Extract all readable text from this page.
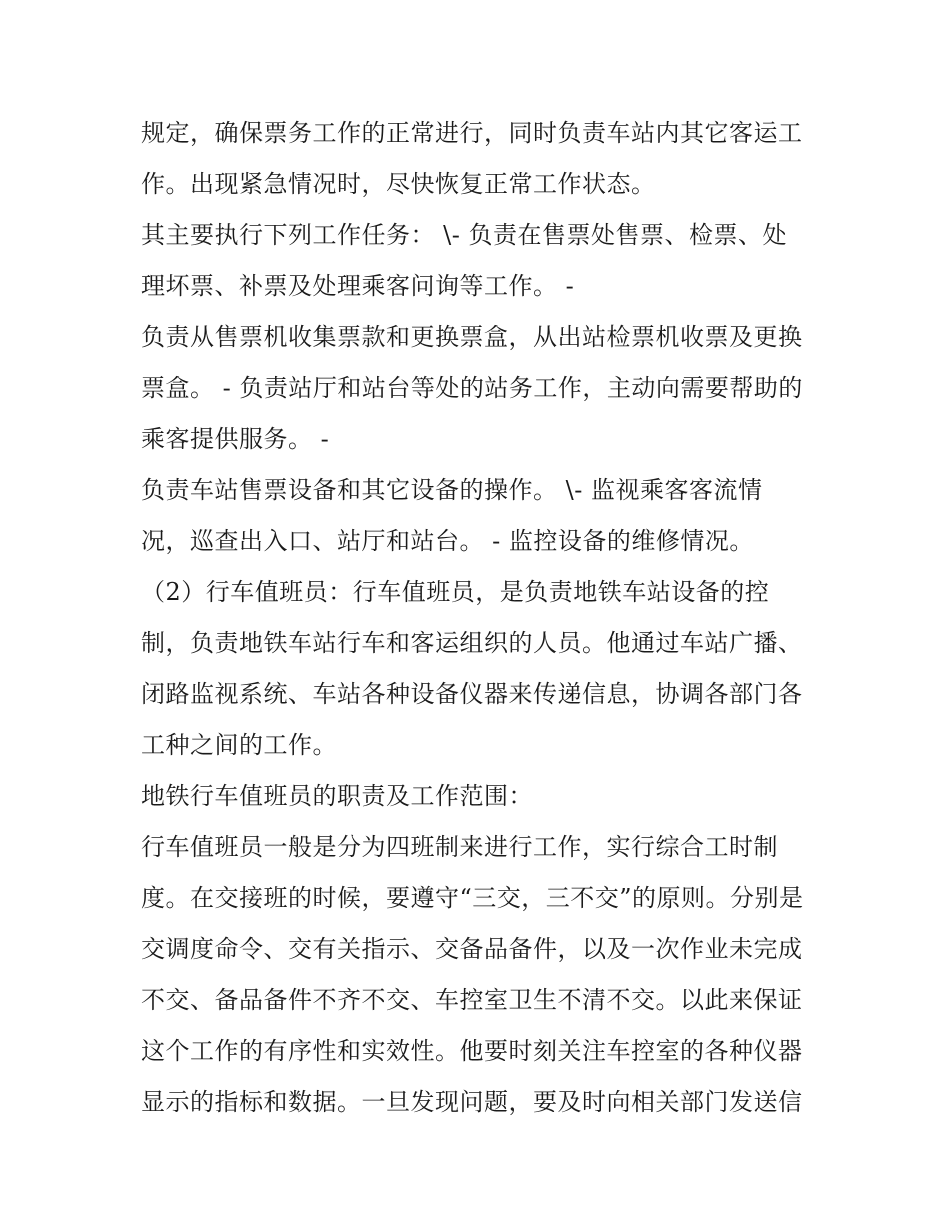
规定，确保票务工作的正常进行，同时负责车站内其它客运工
作。出现紧急情况时，尽快恢复正常工作状态。
其主要执行下列工作任务： \- 负责在售票处售票、检票、处
理坏票、补票及处理乘客问询等工作。 -
负责从售票机收集票款和更换票盒，从出站检票机收票及更换
票盒。 - 负责站厅和站台等处的站务工作，主动向需要帮助的
乘客提供服务。 -
负责车站售票设备和其它设备的操作。 \- 监视乘客客流情
况，巡查出入口、站厅和站台。 - 监控设备的维修情况。
（2）行车值班员：行车值班员，是负责地铁车站设备的控
制，负责地铁车站行车和客运组织的人员。他通过车站广播、
闭路监视系统、车站各种设备仪器来传递信息，协调各部门各
工种之间的工作。
地铁行车值班员的职责及工作范围：
行车值班员一般是分为四班制来进行工作，实行综合工时制
度。在交接班的时候，要遵守“三交，三不交”的原则。分别是
交调度命令、交有关指示、交备品备件，以及一次作业未完成
不交、备品备件不齐不交、车控室卫生不清不交。以此来保证
这个工作的有序性和实效性。他要时刻关注车控室的各种仪器
显示的指标和数据。一旦发现问题，要及时向相关部门发送信
